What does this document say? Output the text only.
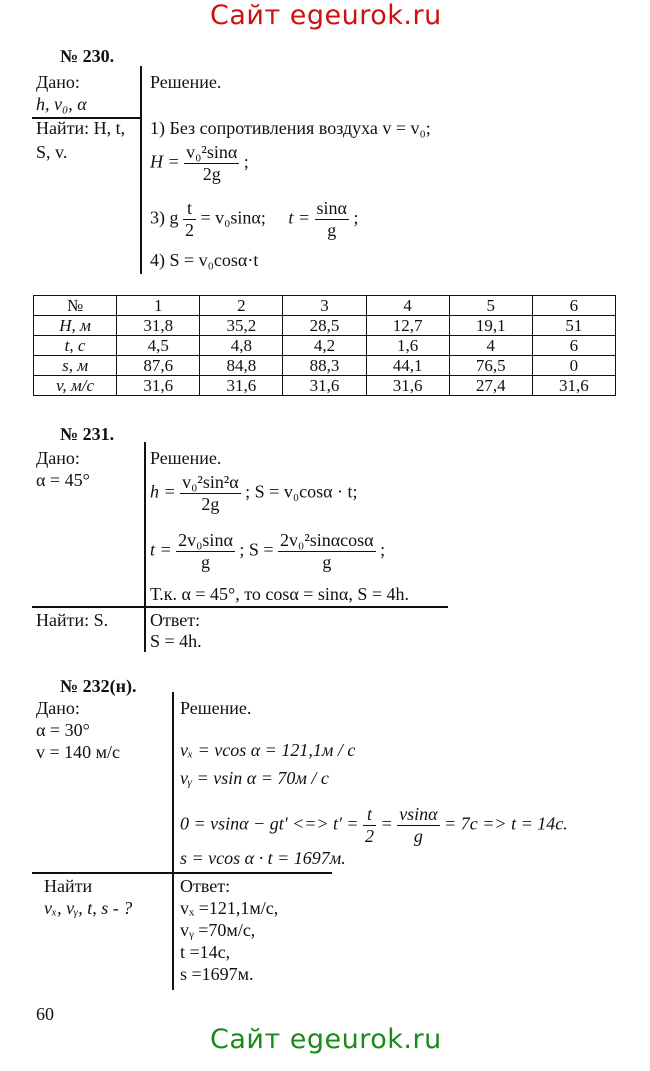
Сайт egeurok.ru
№ 230.
Дано:
h, v₀, α
Найти: H, t,
S, v.
Решение.
1) Без сопротивления воздуха v = v₀;
$H = \frac{\text{v₀²sinα}}{2g}$ ;
3) g $\frac{t}{2} = v_0\sin\alpha$; $t = \frac{\sin\alpha}{g}$ ;
4) S = v₀cosα·t
№	1	2	3	4	5	6
H, м	31,8	35,2	28,5	12,7	19,1	51
t, с	4,5	4,8	4,2	1,6	4	6
s, м	87,6	84,8	88,3	44,1	76,5	0
v, м/с	31,6	31,6	31,6	31,6	27,4	31,6
№ 231.
Дано:
α = 45°
Решение.
$h = \frac{\text{v₀²sin²α}}{2g}$ ; S = v₀cosα · t;
$t = \frac{\text{2v₀sinα}}{g}$ ; $S = \frac{\text{2v₀²sinαcosα}}{g}$ ;
Т.к. α = 45°, то cosα = sinα, S = 4h.
Найти: S. Ответ:
S = 4h.
№ 232(н).
Дано:
α = 30°
v = 140 м/с
Решение.
vₓ = vcos α = 121,1м / с
vᵧ = vsin α = 70м / с
0 = vsinα − gt' <=> $t' = \frac{t}{2} = \frac{vsin\alpha}{g} = 7с => t = 14с$.
s = vcos α · t = 1697м.
Найти
vₓ, vᵧ, t, s - ?
Ответ:
vₓ =121,1м/с,
vᵧ =70м/с,
t =14с,
s =1697м.
60
Сайт egeurok.ru
